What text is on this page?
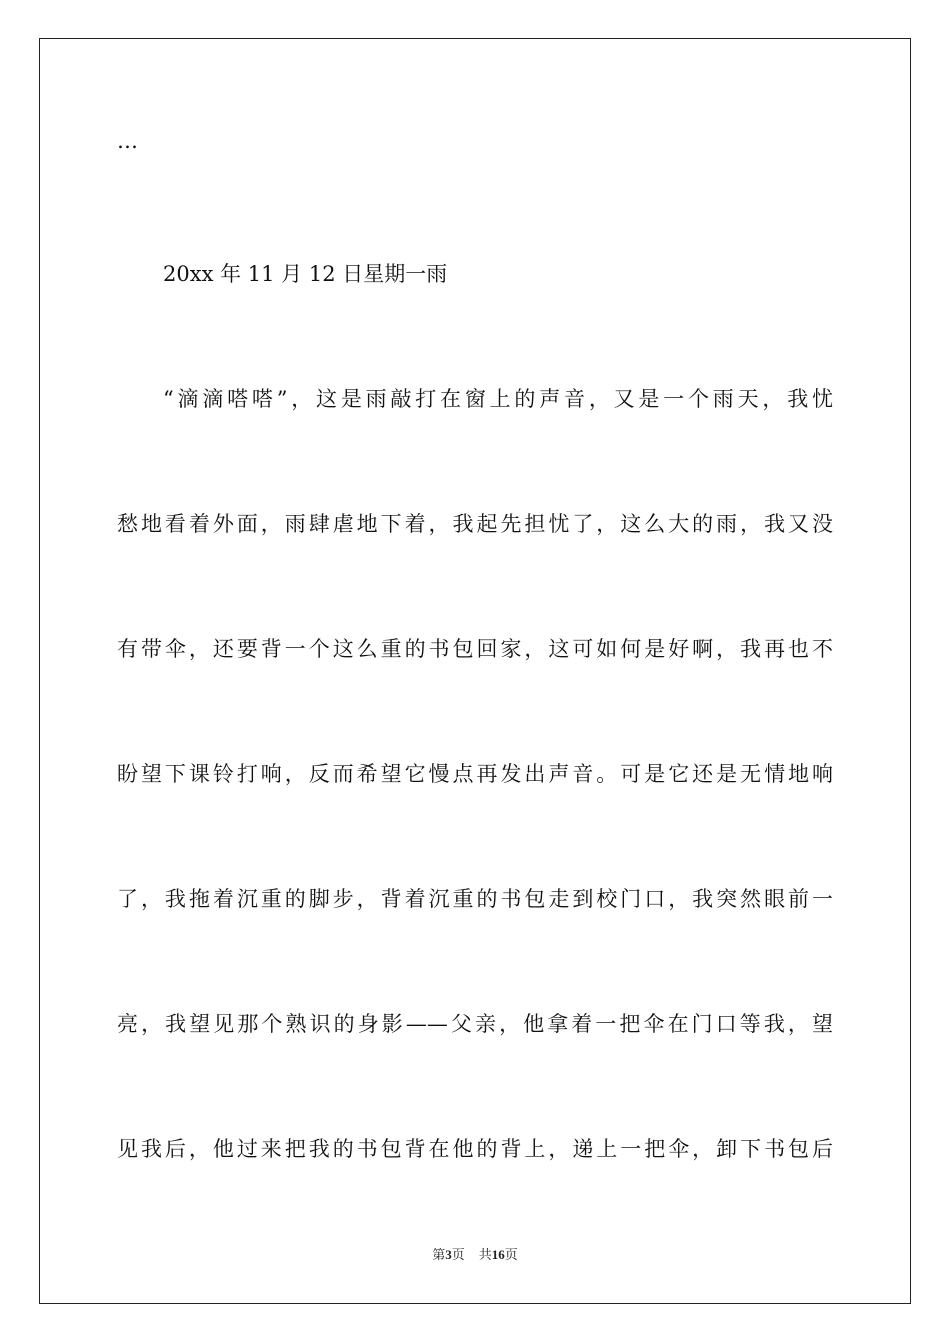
…
20xx 年 11 月 12 日星期一雨
“滴滴嗒嗒”，这是雨敲打在窗上的声音，又是一个雨天，我忧
愁地看着外面，雨肆虐地下着，我起先担忧了，这么大的雨，我又没
有带伞，还要背一个这么重的书包回家，这可如何是好啊，我再也不
盼望下课铃打响，反而希望它慢点再发出声音。可是它还是无情地响
了，我拖着沉重的脚步，背着沉重的书包走到校门口，我突然眼前一
亮，我望见那个熟识的身影——父亲，他拿着一把伞在门口等我，望
见我后，他过来把我的书包背在他的背上，递上一把伞，卸下书包后
第3页 共16页
